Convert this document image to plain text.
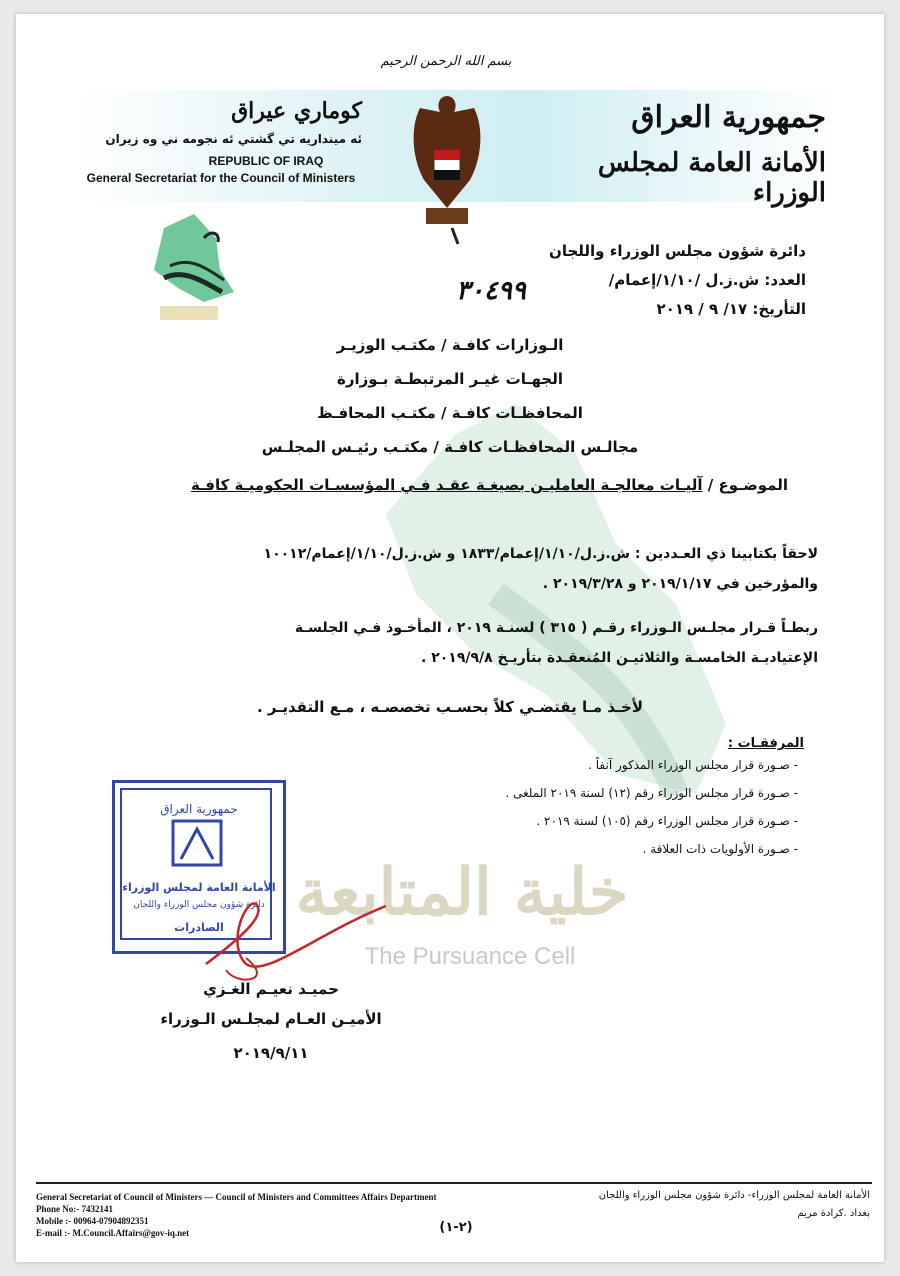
بسم الله الرحمن الرحيم
كوماري عيراق
ئه مينداريه تي گشتي ئه نجومه ني وه زيران
REPUBLIC OF IRAQ
General Secretariat for the Council of Ministers
جمهورية العراق
الأمانة العامة لمجلس الوزراء
دائرة شؤون مجلس الوزراء واللجان
العدد: ش.ز.ل /١/١٠/إعمام/
التأريخ: ١٧/ ٩ / ٢٠١٩
٣٠٤٩٩
الـوزارات كافـة / مكتـب الوزيـر
الجهـات غيـر المرتبطـة بـوزارة
المحافظـات كافـة / مكتـب المحافـظ
مجالـس المحافظـات كافـة / مكتـب رئيـس المجلـس
الموضـوع / آليـات معالجـة العامليـن بصيغـة عقـد فـي المؤسسـات الحكوميـة كافـة
لاحقاً بكتابينا ذي العـددين : ش.ز.ل/١/١٠/إعمام/١٨٣٣ و ش.ز.ل/١/١٠/إعمام/١٠٠١٢
والمؤرخين في ٢٠١٩/١/١٧ و ٢٠١٩/٣/٢٨ .
ربطـاً قـرار مجلـس الـوزراء رقـم ( ٣١٥ ) لسنـة ٢٠١٩ ، المأخـوذ فـي الجلسـة
الإعتياديـة الخامسـة والثلاثيـن المُنعقـدة بتأريـخ ٢٠١٩/٩/٨ .
لأخـذ مـا يقتضـي كلاً بحسـب تخصصـه ، مـع التقديـر .
المرفقـات :
- صـورة قرار مجلس الوزراء المذكور آنفاً .
- صـورة قرار مجلس الوزراء رقم (١٢) لسنة ٢٠١٩ الملغى .
- صـورة قرار مجلس الوزراء رقم (١٠٥) لسنة ٢٠١٩ .
- صـورة الأولويات ذات العلاقة .
جمهورية العراق
الأمانة العامة لمجلس الوزراء
دائرة شؤون مجلس الوزراء واللجان
الصادرات خلية المتابعة
The Pursuance Cell
حميـد نعيـم الغـزي
الأميـن العـام لمجلـس الـوزراء
٢٠١٩/٩/١١
General Secretariat of Council of Ministers — Council of Ministers and Committees Affairs Department
Phone No:- 7432141
Mobile :- 00964-07904892351
E-mail :- M.Council.Affairs@gov-iq.net
الأمانة العامة لمجلس الوزراء- دائرة شؤون مجلس الوزراء واللجان
بغداد .كرادة مريم
(٢-١)
